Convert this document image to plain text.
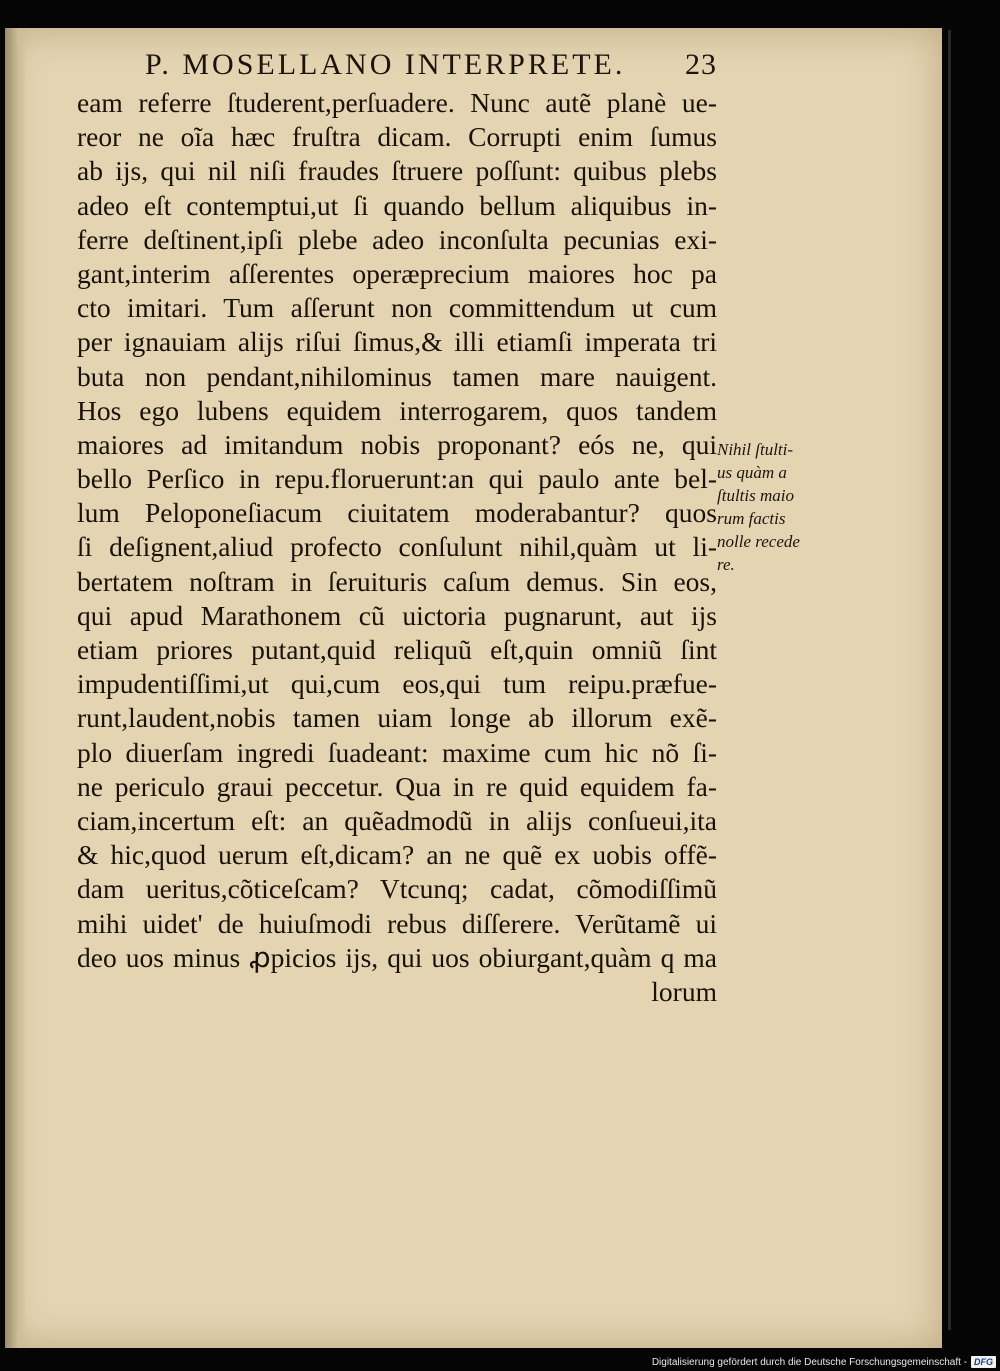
P. MOSELLANO INTERPRETE. 23
eam referre ſtuderent,perſuadere. Nunc autẽ planè ue-
reor ne oĩa hæc fruſtra dicam. Corrupti enim ſumus
ab ijs, qui nil niſi fraudes ſtruere poſſunt: quibus plebs
adeo eſt contemptui,ut ſi quando bellum aliquibus in-
ferre deſtinent,ipſi plebe adeo inconſulta pecunias exi-
gant,interim aſſerentes operæprecium maiores hoc pa
cto imitari. Tum aſſerunt non committendum ut cum
per ignauiam alijs riſui ſimus,& illi etiamſi imperata tri
buta non pendant,nihilominus tamen mare nauigent.
Hos ego lubens equidem interrogarem, quos tandem
maiores ad imitandum nobis proponant? eós ne, qui
bello Perſico in repu.floruerunt:an qui paulo ante bel-
lum Peloponeſiacum ciuitatem moderabantur? quos
ſi deſignent,aliud profecto conſulunt nihil,quàm ut li-
bertatem noſtram in ſeruituris caſum demus. Sin eos,
qui apud Marathonem cũ uictoria pugnarunt, aut ijs
etiam priores putant,quid reliquũ eſt,quin omniũ ſint
impudentiſſimi,ut qui,cum eos,qui tum reipu.præfue-
runt,laudent,nobis tamen uiam longe ab illorum exẽ-
plo diuerſam ingredi ſuadeant: maxime cum hic nõ ſi-
ne periculo graui peccetur. Qua in re quid equidem fa-
ciam,incertum eſt: an quẽadmodũ in alijs conſueui,ita
& hic,quod uerum eſt,dicam? an ne quẽ ex uobis offẽ-
dam ueritus,cõticeſcam? Vtcunq; cadat, cõmodiſſimũ
mihi uidet' de huiuſmodi rebus diſſerere. Verũtamẽ ui
deo uos minus ꝓpicios ijs, qui uos obiurgant,quàm q ma
lorum
Nihil ſtulti-
us quàm a
ſtultis maio
rum factis
nolle recede
re.
Digitalisierung gefördert durch die Deutsche Forschungsgemeinschaft - DFG
